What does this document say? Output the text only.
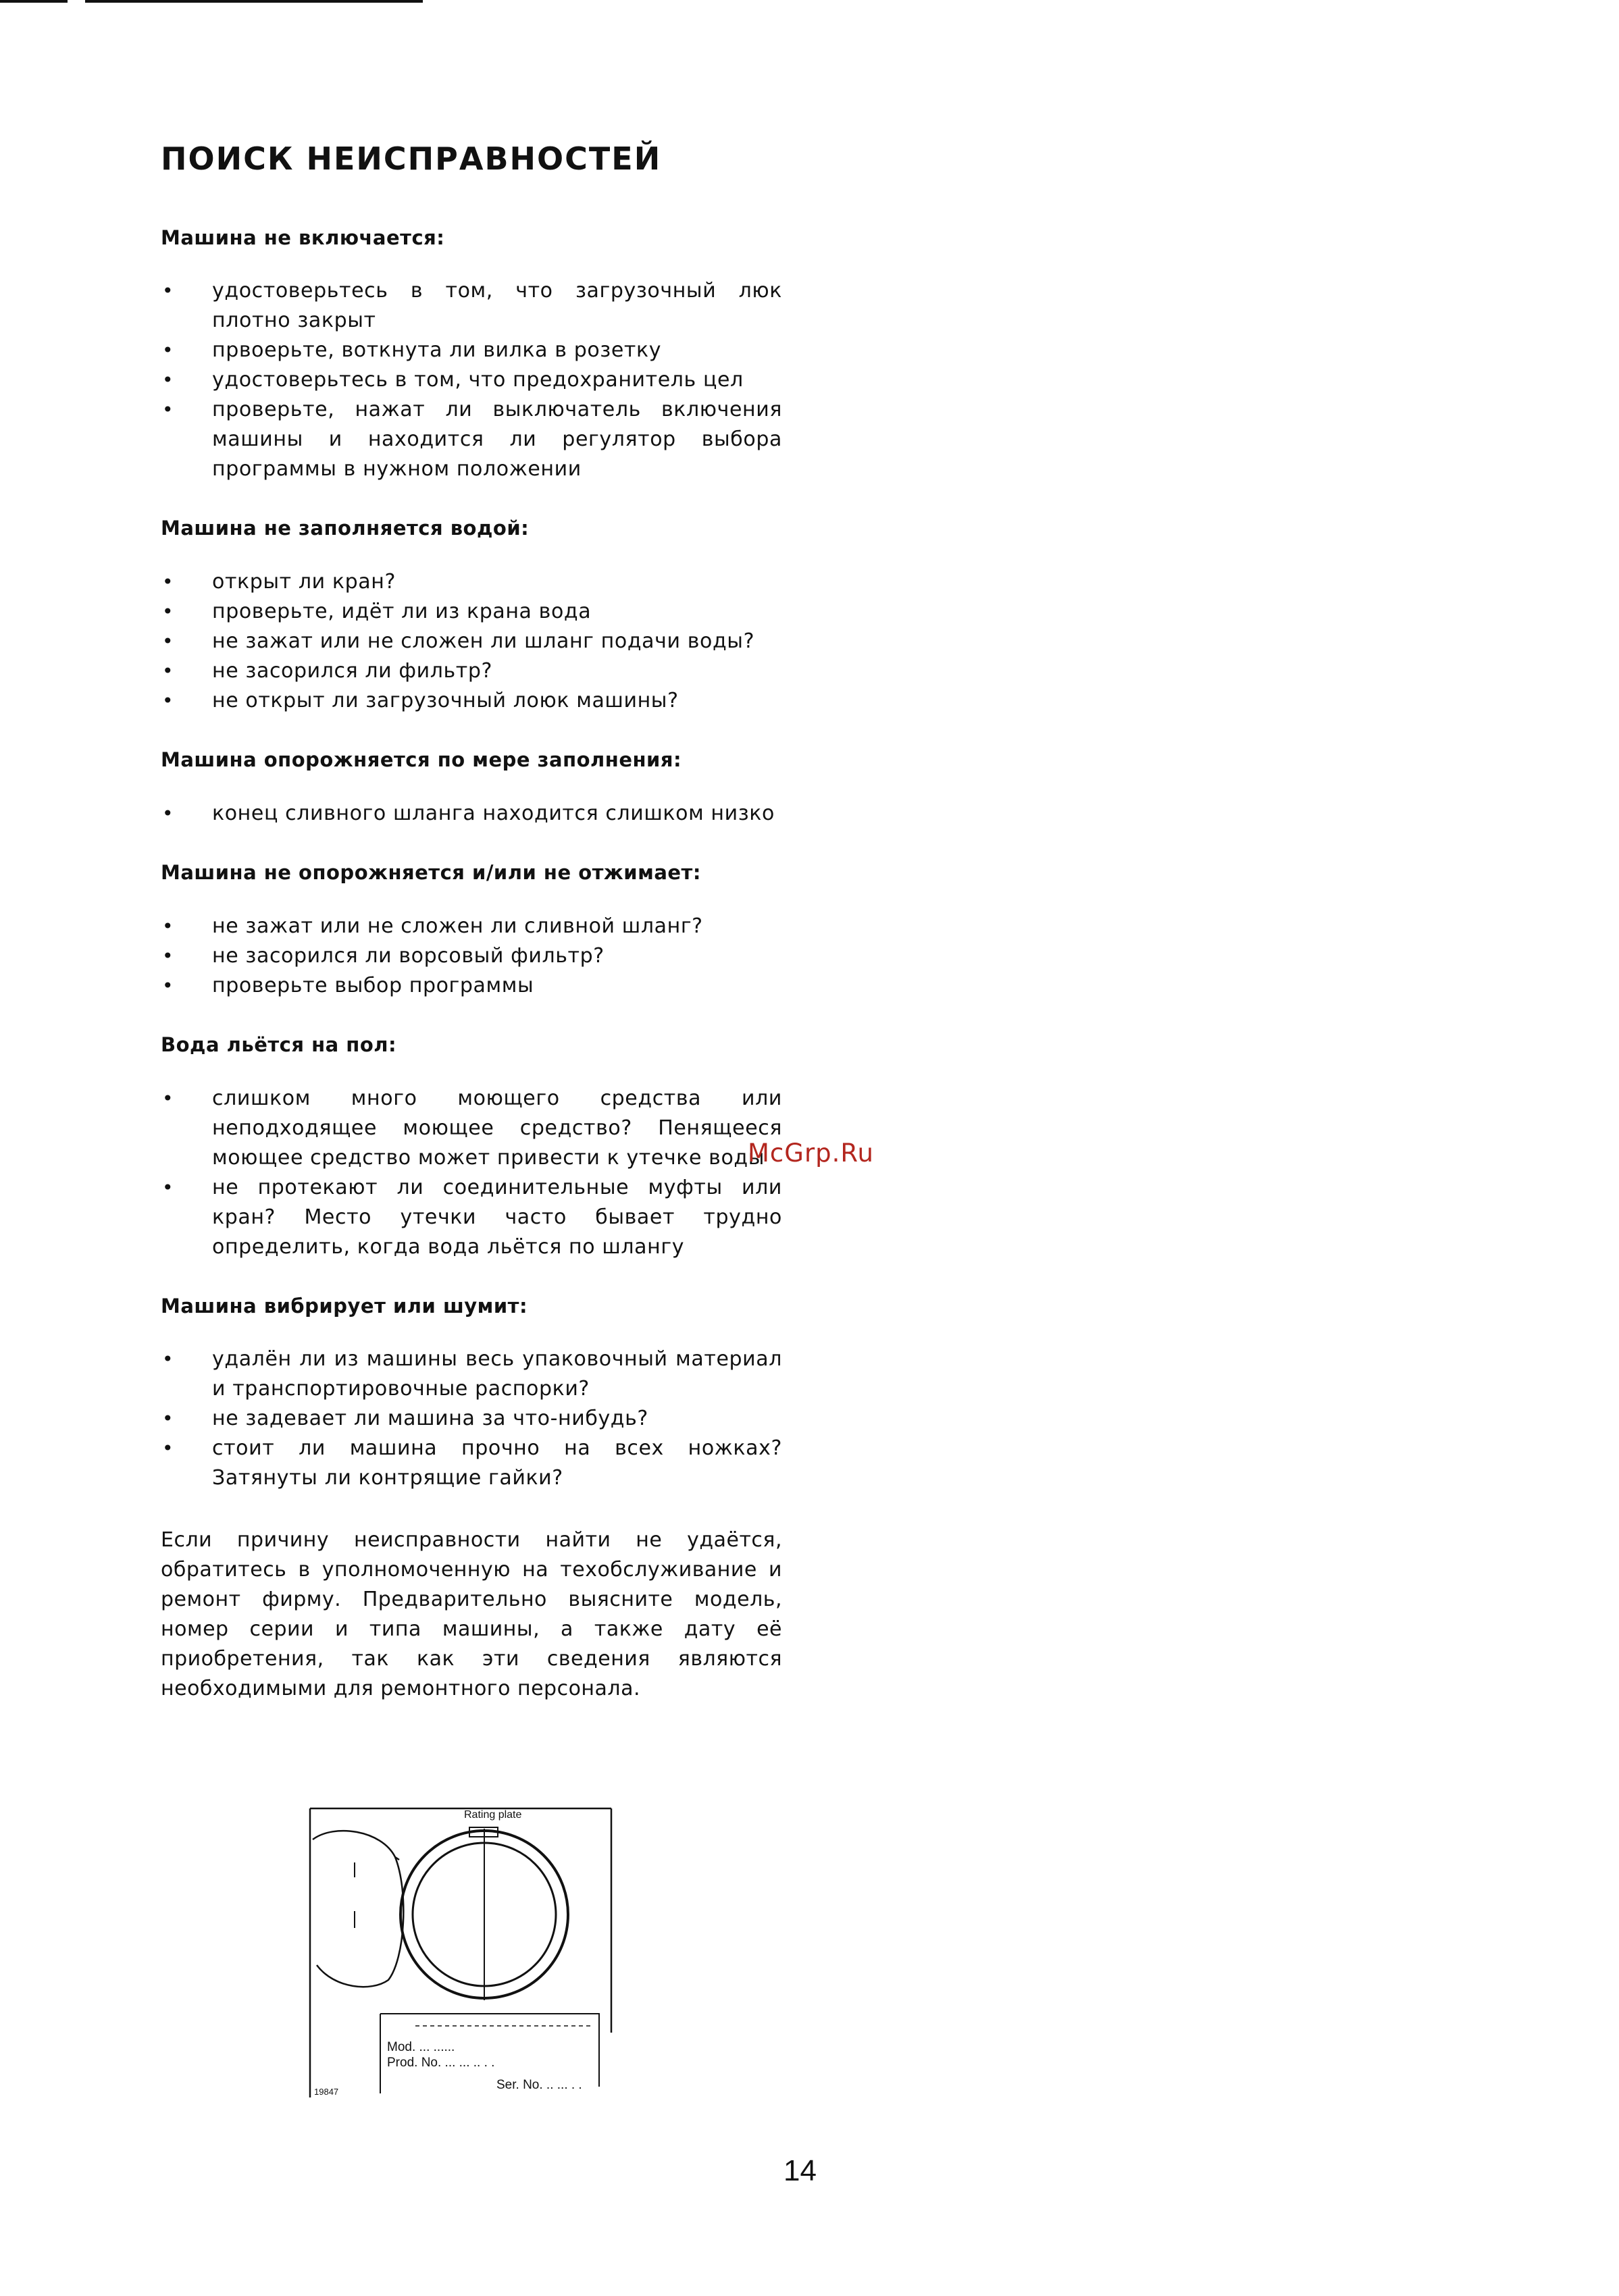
ПОИСК НЕИСПРАВНОСТЕЙ
Машина не включается:
• удостоверьтесь в том, что загрузочный люк плотно закрыт
• првоерьте, воткнута ли вилка в розетку
• удостоверьтесь в том, что предохранитель цел
• проверьте, нажат ли выключатель включения машины и находится ли регулятор выбора программы в нужном положении
Машина не заполняется водой:
• открыт ли кран?
• проверьте, идёт ли из крана вода
• не зажат или не сложен ли шланг подачи воды?
• не засорился ли фильтр?
• не открыт ли загрузочный лоюк машины?
Машина опорожняется по мере заполнения:
• конец сливного шланга находится слишком низко
Машина не опорожняется и/или не отжимает:
• не зажат или не сложен ли сливной шланг?
• не засорился ли ворсовый фильтр?
• проверьте выбор программы
Вода льётся на пол:
• слишком много моющего средства или неподходящее моющее средство? Пенящееся моющее средство может привести к утечке воды
• не протекают ли соединительные муфты или кран? Место утечки часто бывает трудно определить, когда вода льётся по шлангу
Машина вибрирует или шумит:
• удалён ли из машины весь упаковочный материал и транспортировочные распорки?
• не задевает ли машина за что-нибудь?
• стоит ли машина прочно на всех ножках? Затянуты ли контрящие гайки?

Если причину неисправности найти не удаётся, обратитесь в уполномоченную на техобслуживание и ремонт фирму. Предварительно выясните модель, номер серии и типа машины, а также дату её приобретения, так как эти сведения являются необходимыми для ремонтного персонала.

McGrp.Ru
Rating plate
Mod. ... ......
Prod. No. ... ... .. . .
Ser. No. .. ... . .
19847
14
